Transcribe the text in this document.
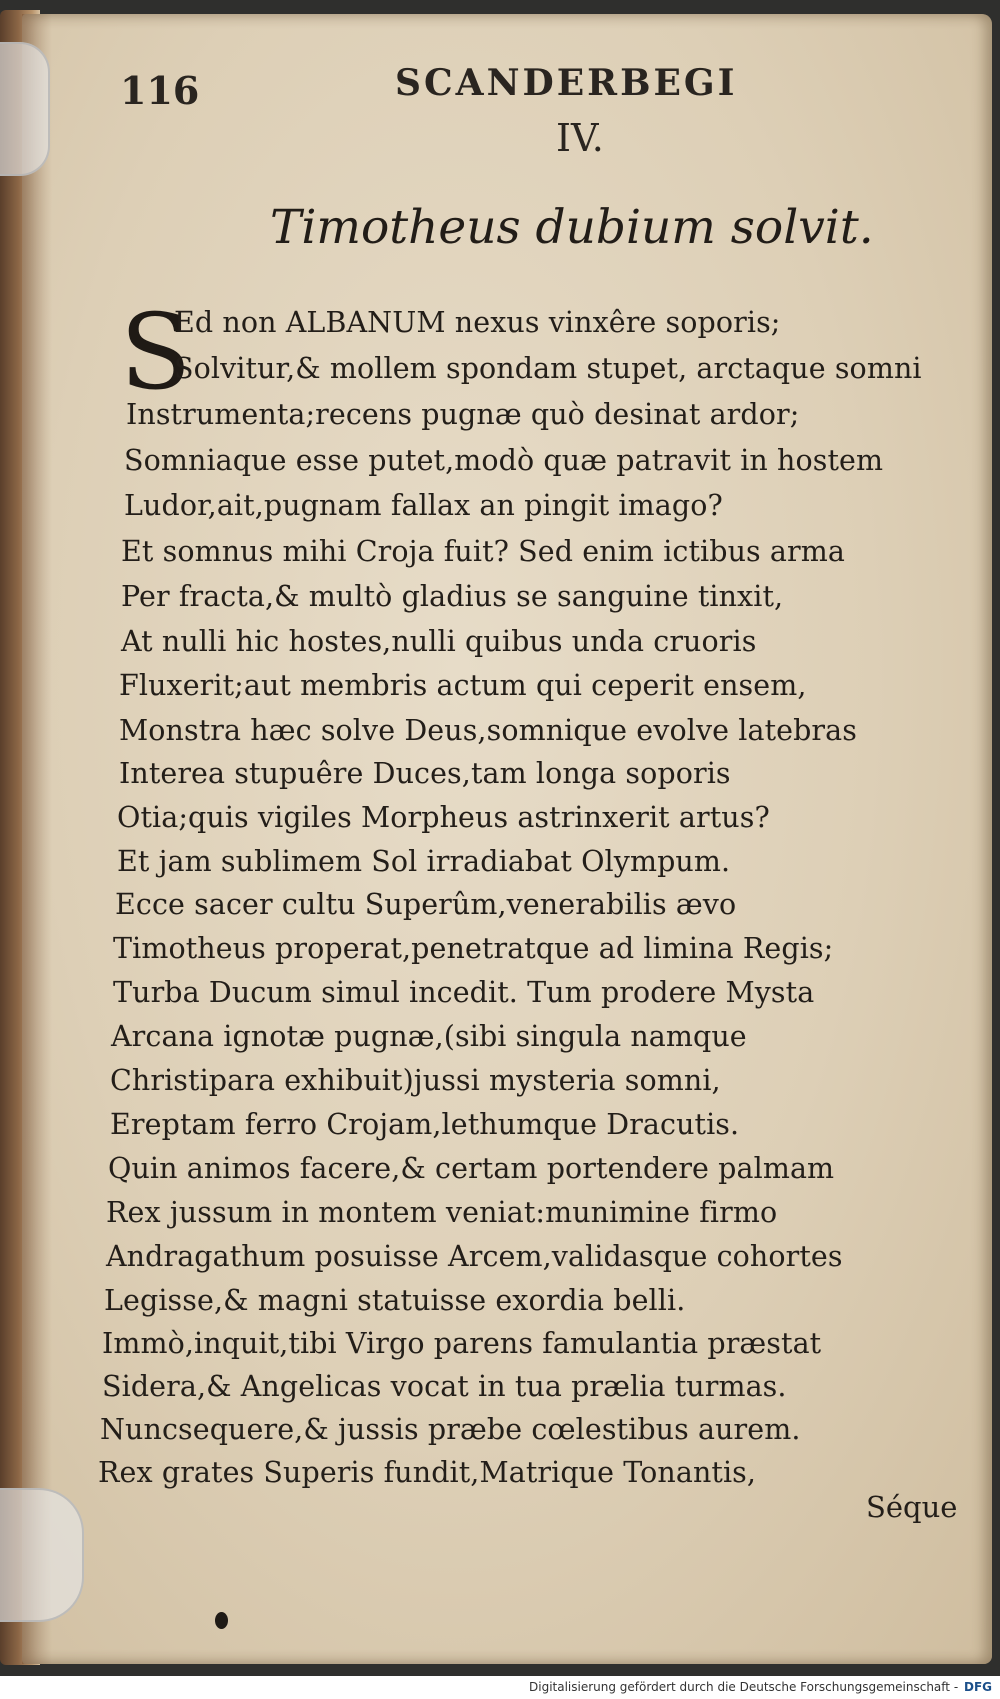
116	SCANDERBEGI
IV.
Timotheus dubium solvit.
S
Ed non ALBANUM nexus vinxêre soporis;
Solvitur,& mollem spondam stupet, arctaque somni
Instrumenta;recens pugnæ quò desinat ardor;
Somniaque esse putet,modò quæ patravit in hostem
Ludor,ait,pugnam fallax an pingit imago?
Et somnus mihi Croja fuit? Sed enim ictibus arma
Per fracta,& multò gladius se sanguine tinxit,
At nulli hic hostes,nulli quibus unda cruoris
Fluxerit;aut membris actum qui ceperit ensem,
Monstra hæc solve Deus,somnique evolve latebras
Interea stupuêre Duces,tam longa soporis
Otia;quis vigiles Morpheus astrinxerit artus?
Et jam sublimem Sol irradiabat Olympum.
Ecce sacer cultu Superûm,venerabilis ævo
Timotheus properat,penetratque ad limina Regis;
Turba Ducum simul incedit. Tum prodere Mysta
Arcana ignotæ pugnæ,(sibi singula namque
Christipara exhibuit)jussi mysteria somni,
Ereptam ferro Crojam,lethumque Dracutis.
Quin animos facere,& certam portendere palmam
Rex jussum in montem veniat:munimine firmo
Andragathum posuisse Arcem,validasque cohortes
Legisse,& magni statuisse exordia belli.
Immò,inquit,tibi Virgo parens famulantia præstat
Sidera,& Angelicas vocat in tua prælia turmas.
Nuncsequere,& jussis præbe cœlestibus aurem.
Rex grates Superis fundit,Matrique Tonantis,
Séque
Digitalisierung gefördert durch die Deutsche Forschungsgemeinschaft - DFG
